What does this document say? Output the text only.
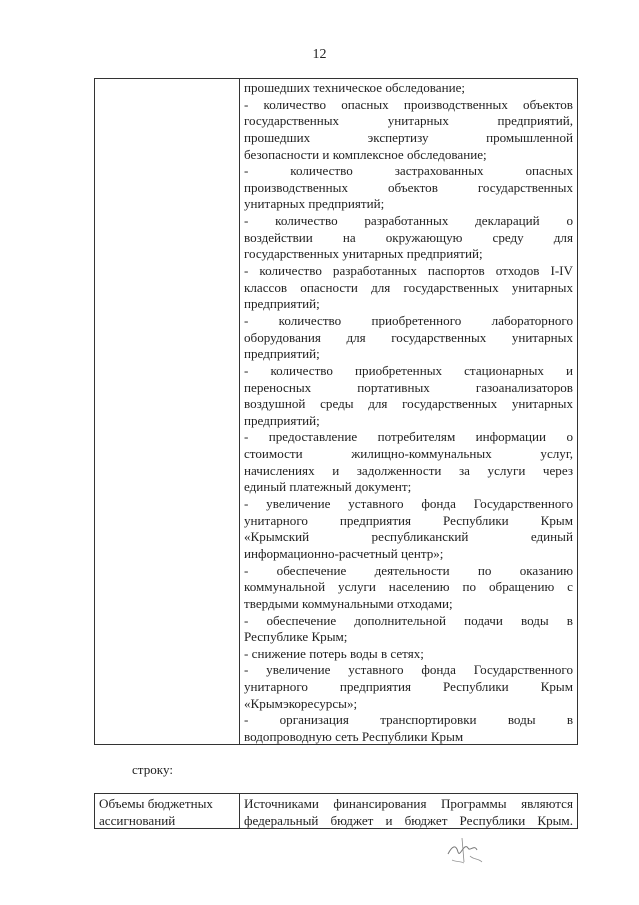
12
прошедших техническое обследование;
- количество опасных производственных объектов
государственных унитарных предприятий,
прошедших экспертизу промышленной
безопасности и комплексное обследование;
- количество застрахованных опасных
производственных объектов государственных
унитарных предприятий;
- количество разработанных деклараций о
воздействии на окружающую среду для
государственных унитарных предприятий;
- количество разработанных паспортов отходов I-IV
классов опасности для государственных унитарных
предприятий;
- количество приобретенного лабораторного
оборудования для государственных унитарных
предприятий;
- количество приобретенных стационарных и
переносных портативных газоанализаторов
воздушной среды для государственных унитарных
предприятий;
- предоставление потребителям информации о
стоимости жилищно-коммунальных услуг,
начислениях и задолженности за услуги через
единый платежный документ;
- увеличение уставного фонда Государственного
унитарного предприятия Республики Крым
«Крымский республиканский единый
информационно-расчетный центр»;
- обеспечение деятельности по оказанию
коммунальной услуги населению по обращению с
твердыми коммунальными отходами;
- обеспечение дополнительной подачи воды в
Республике Крым;
- снижение потерь воды в сетях;
- увеличение уставного фонда Государственного
унитарного предприятия Республики Крым
«Крымэкоресурсы»;
- организация транспортировки воды в
водопроводную сеть Республики Крым
строку:
Объемы бюджетных
ассигнований
Источниками финансирования Программы являются
федеральный бюджет и бюджет Республики Крым.
